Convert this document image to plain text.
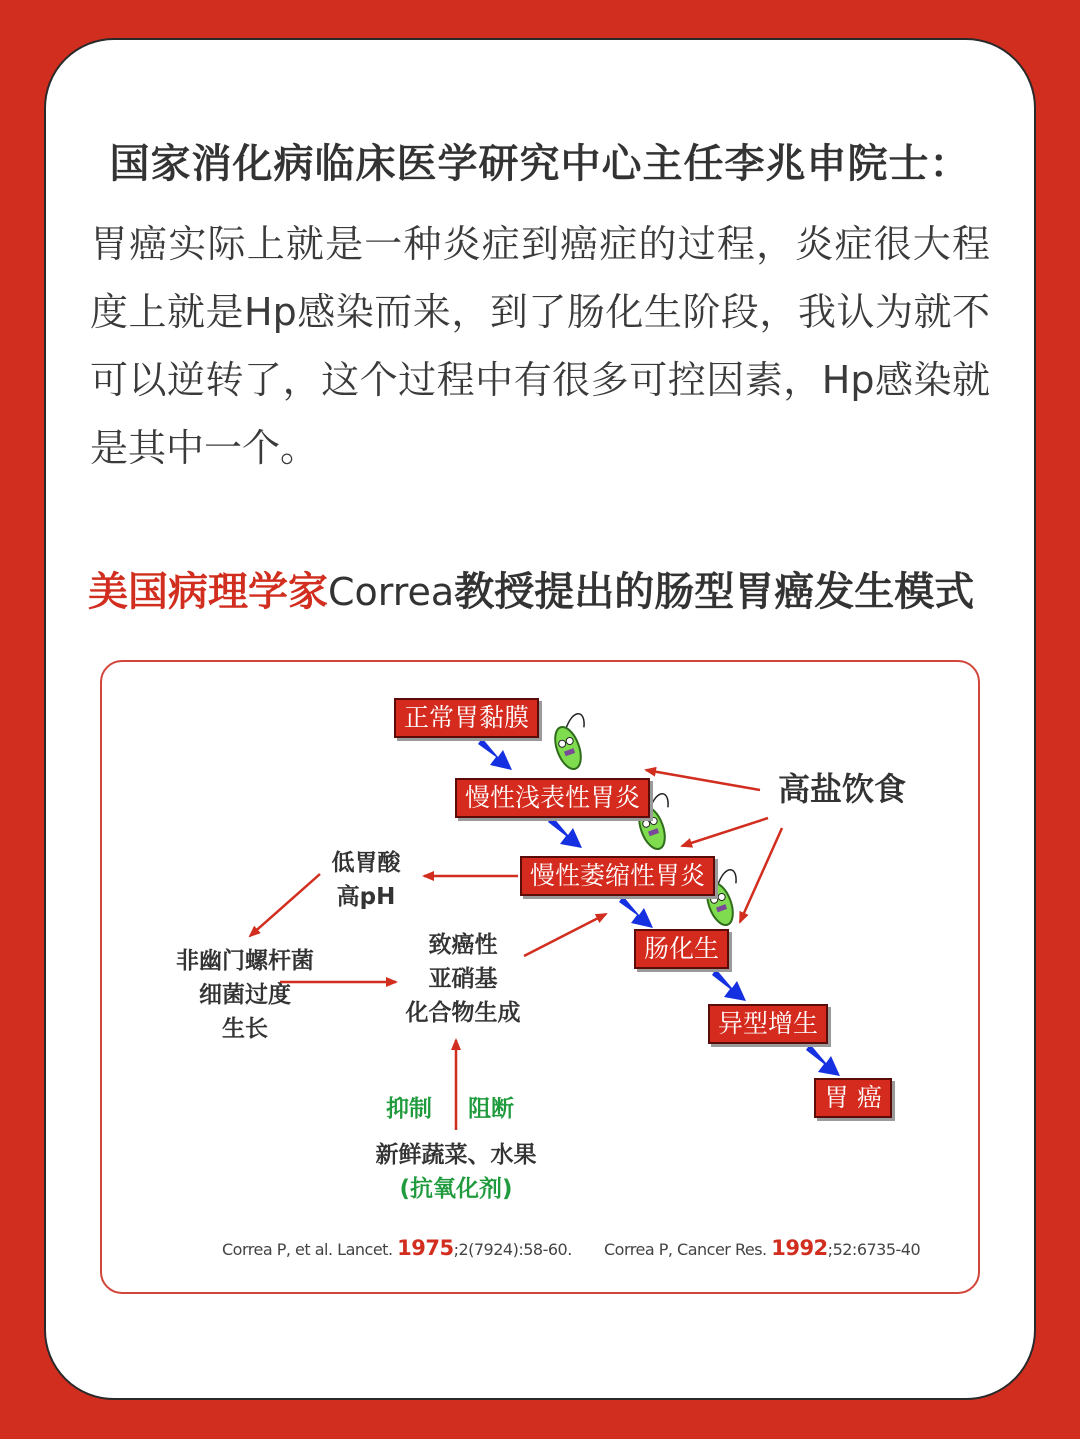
国家消化病临床医学研究中心主任李兆申院士：
胃癌实际上就是一种炎症到癌症的过程，炎症很大程度上就是Hp感染而来，到了肠化生阶段，我认为就不可以逆转了，这个过程中有很多可控因素，Hp感染就是其中一个。
美国病理学家Correa教授提出的肠型胃癌发生模式
正常胃黏膜
慢性浅表性胃炎
慢性萎缩性胃炎
肠化生
异型增生
胃 癌
高盐饮食
低胃酸
高pH
非幽门螺杆菌
细菌过度
生长
致癌性
亚硝基
化合物生成
抑制 阻断
新鲜蔬菜、水果
(抗氧化剂)
Correa P, et al. Lancet. 1975;2(7924):58-60. Correa P, Cancer Res. 1992;52:6735-40
